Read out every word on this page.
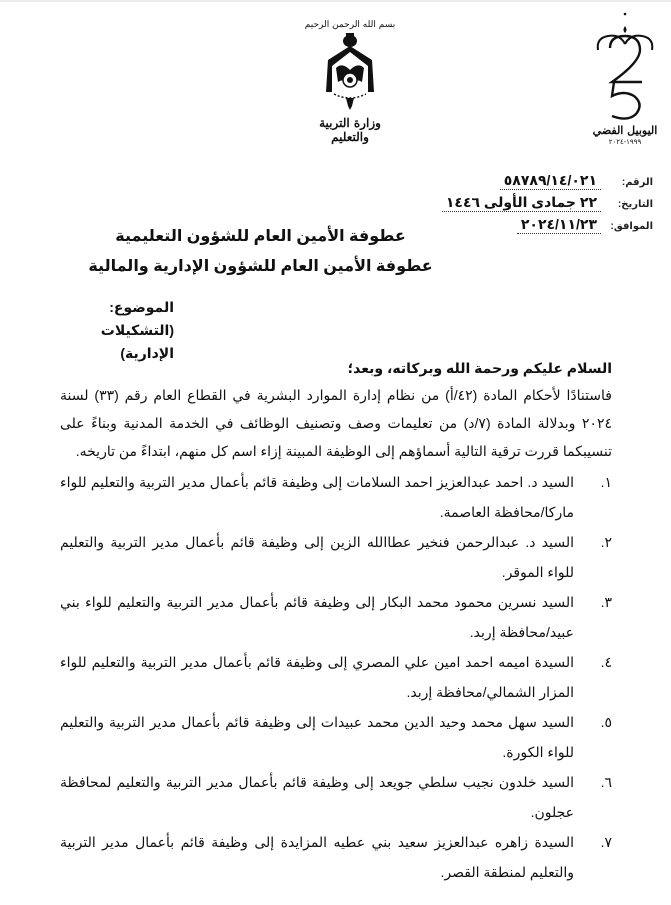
بسم الله الرحمن الرحيم
وزارة التربية والتعليم	اليوبيل الفضي
١٩٩٩-٢٠٢٤
الرقم:
٥٨٧٨٩/١٤/٠٢١
التاريخ:
٢٢ جمادى الأولى ١٤٤٦
الموافق:
٢٠٢٤/١١/٢٣
عطوفة الأمين العام للشؤون التعليمية
عطوفة الأمين العام للشؤون الإدارية والمالية
الموضوع:
(التشكيلات الإدارية)
السلام عليكم ورحمة الله وبركاته، وبعد؛
فاستنادًا لأحكام المادة (٤٢/أ) من نظام إدارة الموارد البشرية في القطاع العام رقم (٣٣) لسنة ٢٠٢٤ وبدلالة المادة (٧/د) من تعليمات وصف وتصنيف الوظائف في الخدمة المدنية وبناءً على تنسيبكما قررت ترقية التالية أسماؤهم إلى الوظيفة المبينة إزاء اسم كل منهم، ابتداءً من تاريخه.
١.
السيد د. احمد عبدالعزيز احمد السلامات إلى وظيفة قائم بأعمال مدير التربية والتعليم للواء ماركا/محافظة العاصمة.
٢.
السيد د. عبدالرحمن فنخير عطاالله الزين إلى وظيفة قائم بأعمال مدير التربية والتعليم للواء الموقر.
٣.
السيد نسرين محمود محمد البكار إلى وظيفة قائم بأعمال مدير التربية والتعليم للواء بني عبيد/محافظة إربد.
٤.
السيدة اميمه احمد امين علي المصري إلى وظيفة قائم بأعمال مدير التربية والتعليم للواء المزار الشمالي/محافظة إربد.
٥.
السيد سهل محمد وحيد الدين محمد عبيدات إلى وظيفة قائم بأعمال مدير التربية والتعليم للواء الكورة.
٦.
السيد خلدون نجيب سلطي جويعد إلى وظيفة قائم بأعمال مدير التربية والتعليم لمحافظة عجلون.
٧.
السيدة زاهره عبدالعزيز سعيد بني عطيه المزايدة إلى وظيفة قائم بأعمال مدير التربية والتعليم لمنطقة القصر.
